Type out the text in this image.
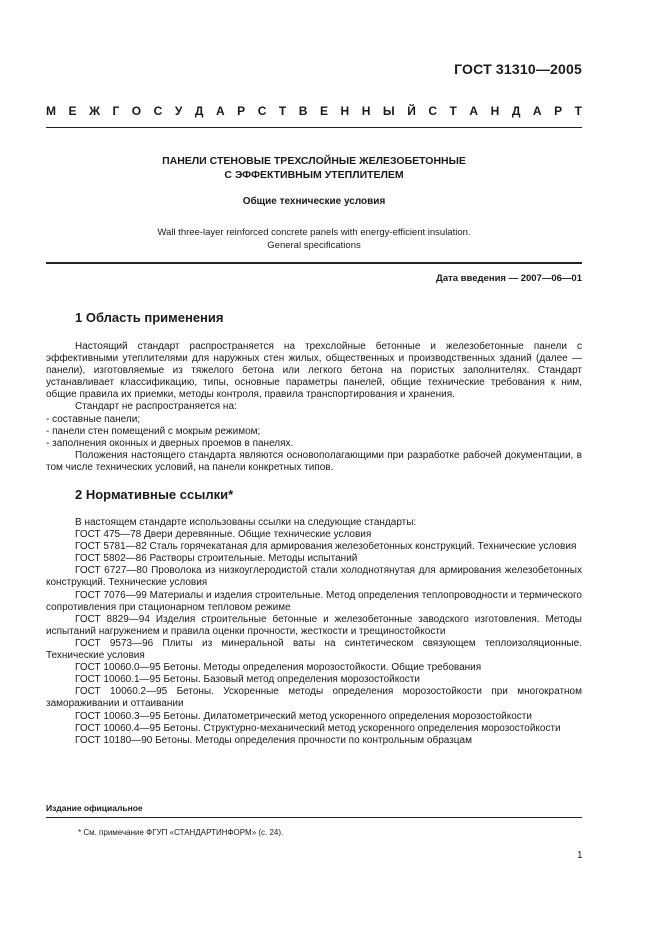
ГОСТ 31310—2005
М Е Ж Г О С У Д А Р С Т В Е Н Н Ы Й С Т А Н Д А Р Т
ПАНЕЛИ СТЕНОВЫЕ ТРЕХСЛОЙНЫЕ ЖЕЛЕЗОБЕТОННЫЕ
С ЭФФЕКТИВНЫМ УТЕПЛИТЕЛЕМ
Общие технические условия
Wall three-layer reinforced concrete panels with energy-efficient insulation.
General specifications
Дата введения — 2007—06—01
1 Область применения

Настоящий стандарт распространяется на трехслойные бетонные и железобетонные панели с эффективными утеплителями для наружных стен жилых, общественных и производственных зданий (далее — панели), изготовляемые из тяжелого бетона или легкого бетона на пористых заполнителях. Стандарт устанавливает классификацию, типы, основные параметры панелей, общие технические требования к ним, общие правила их приемки, методы контроля, правила транспортирования и хранения.

Стандарт не распространяется на:

- составные панели;

- панели стен помещений с мокрым режимом;

- заполнения оконных и дверных проемов в панелях.

Положения настоящего стандарта являются основополагающими при разработке рабочей документации, в том числе технических условий, на панели конкретных типов.

2 Нормативные ссылки*

В настоящем стандарте использованы ссылки на следующие стандарты:

ГОСТ 475—78 Двери деревянные. Общие технические условия

ГОСТ 5781—82 Сталь горячекатаная для армирования железобетонных конструкций. Технические условия

ГОСТ 5802—86 Растворы строительные. Методы испытаний

ГОСТ 6727—80 Проволока из низкоуглеродистой стали холоднотянутая для армирования железобетонных конструкций. Технические условия

ГОСТ 7076—99 Материалы и изделия строительные. Метод определения теплопроводности и термического сопротивления при стационарном тепловом режиме

ГОСТ 8829—94 Изделия строительные бетонные и железобетонные заводского изготовления. Методы испытаний нагружением и правила оценки прочности, жесткости и трещиностойкости

ГОСТ 9573—96 Плиты из минеральной ваты на синтетическом связующем теплоизоляционные. Технические условия

ГОСТ 10060.0—95 Бетоны. Методы определения морозостойкости. Общие требования

ГОСТ 10060.1—95 Бетоны. Базовый метод определения морозостойкости

ГОСТ 10060.2—95 Бетоны. Ускоренные методы определения морозостойкости при многократном замораживании и оттаивании

ГОСТ 10060.3—95 Бетоны. Дилатометрический метод ускоренного определения морозостойкости

ГОСТ 10060.4—95 Бетоны. Структурно-механический метод ускоренного определения морозостойкости

ГОСТ 10180—90 Бетоны. Методы определения прочности по контрольным образцам

Издание официальное
* См. примечание ФГУП «СТАНДАРТИНФОРМ» (с. 24).
1
